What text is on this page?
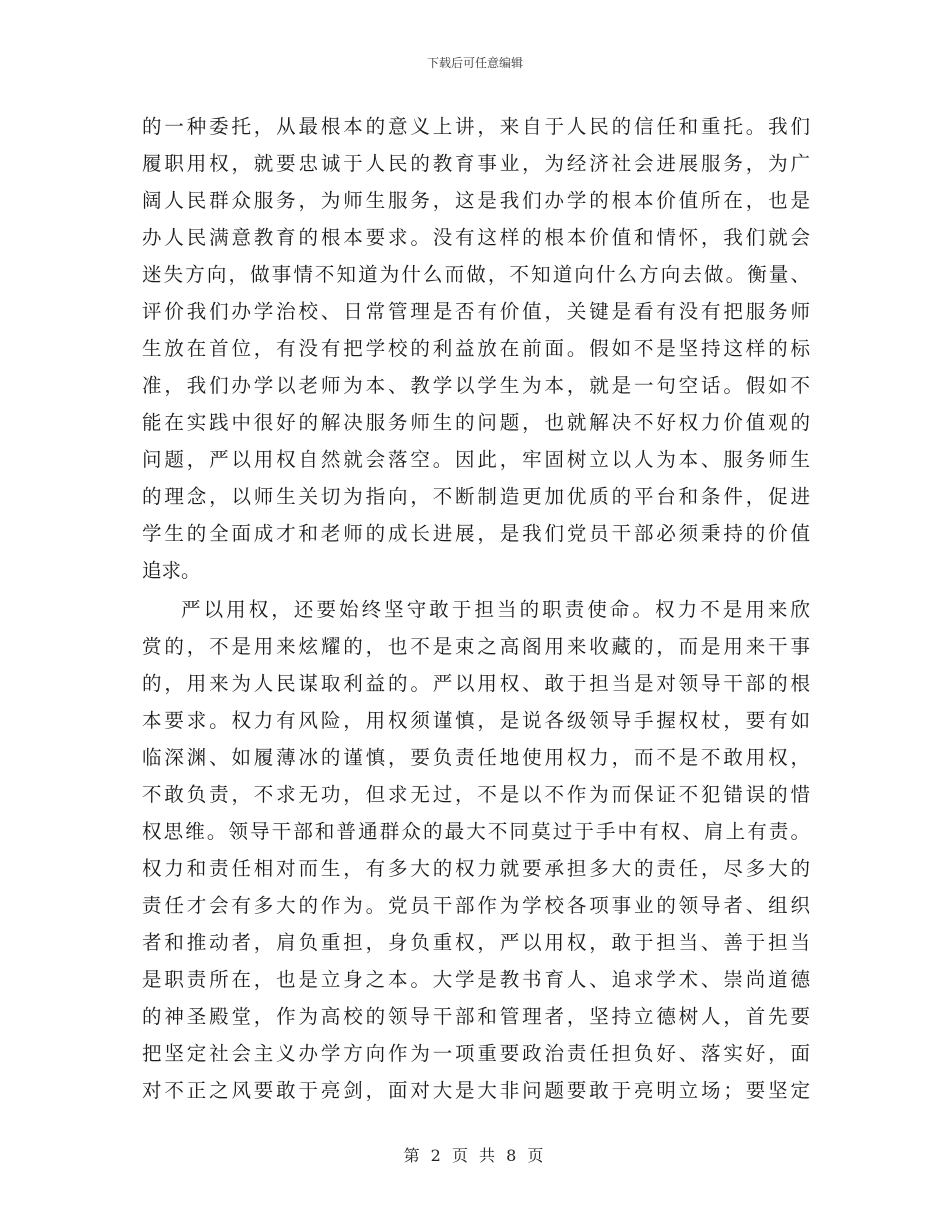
下载后可任意编辑
的一种委托，从最根本的意义上讲，来自于人民的信任和重托。我们
履职用权，就要忠诚于人民的教育事业，为经济社会进展服务，为广
阔人民群众服务，为师生服务，这是我们办学的根本价值所在，也是
办人民满意教育的根本要求。没有这样的根本价值和情怀，我们就会
迷失方向，做事情不知道为什么而做，不知道向什么方向去做。衡量、
评价我们办学治校、日常管理是否有价值，关键是看有没有把服务师
生放在首位，有没有把学校的利益放在前面。假如不是坚持这样的标
准，我们办学以老师为本、教学以学生为本，就是一句空话。假如不
能在实践中很好的解决服务师生的问题，也就解决不好权力价值观的
问题，严以用权自然就会落空。因此，牢固树立以人为本、服务师生
的理念，以师生关切为指向，不断制造更加优质的平台和条件，促进
学生的全面成才和老师的成长进展，是我们党员干部必须秉持的价值
追求。
严以用权，还要始终坚守敢于担当的职责使命。权力不是用来欣
赏的，不是用来炫耀的，也不是束之高阁用来收藏的，而是用来干事
的，用来为人民谋取利益的。严以用权、敢于担当是对领导干部的根
本要求。权力有风险，用权须谨慎，是说各级领导手握权杖，要有如
临深渊、如履薄冰的谨慎，要负责任地使用权力，而不是不敢用权，
不敢负责，不求无功，但求无过，不是以不作为而保证不犯错误的惜
权思维。领导干部和普通群众的最大不同莫过于手中有权、肩上有责。
权力和责任相对而生，有多大的权力就要承担多大的责任，尽多大的
责任才会有多大的作为。党员干部作为学校各项事业的领导者、组织
者和推动者，肩负重担，身负重权，严以用权，敢于担当、善于担当
是职责所在，也是立身之本。大学是教书育人、追求学术、崇尚道德
的神圣殿堂，作为高校的领导干部和管理者，坚持立德树人，首先要
把坚定社会主义办学方向作为一项重要政治责任担负好、落实好，面
对不正之风要敢于亮剑，面对大是大非问题要敢于亮明立场；要坚定
第 2 页 共 8 页
